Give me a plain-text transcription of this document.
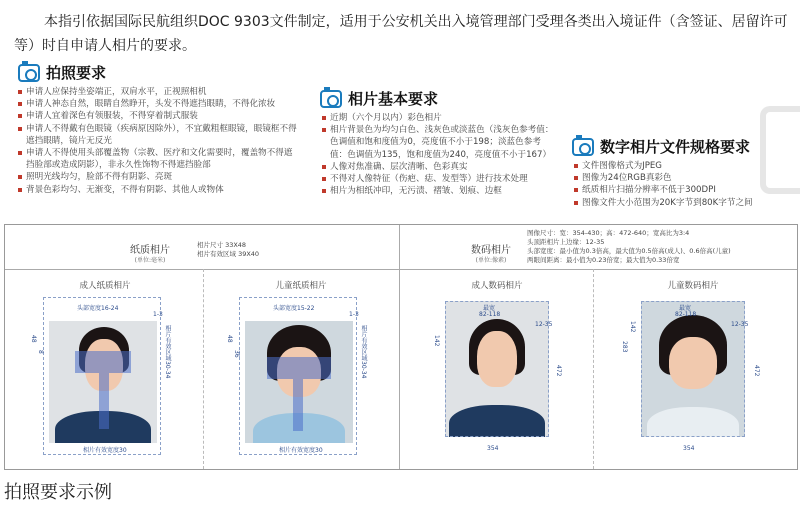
本指引依据国际民航组织DOC 9303文件制定，适用于公安机关出入境管理部门受理各类出入境证件（含签证、居留许可等）时自申请人相片的要求。

拍照要求
申请人应保持坐姿端正，双肩水平，正视照相机
申请人神态自然，眼睛自然睁开，头发不得遮挡眼睛，不得化浓妆
申请人宜着深色有领服装，不得穿着制式服装
申请人不得戴有色眼镜（疾病原因除外），不宜戴粗框眼镜，眼镜框不得遮挡眼睛，镜片无反光
申请人不得使用头部覆盖物（宗教、医疗和文化需要时，覆盖物不得遮挡脸部或造成阴影），非永久性饰物不得遮挡脸部
照明光线均匀，脸部不得有阴影、亮斑
背景色彩均匀、无渐变，不得有阴影、其他人或物体
相片基本要求
近期（六个月以内）彩色相片
相片背景色为均匀白色、浅灰色或淡蓝色（浅灰色参考值：色调值和饱和度值为0，亮度值不小于198；淡蓝色参考值：色调值为135，饱和度值为240，亮度值不小于167）
人像对焦准确、层次清晰、色彩真实
不得对人像特征（伤疤、痣、发型等）进行技术处理
相片为相纸冲印，无污渍、褶皱、划痕、边框
数字相片文件规格要求
文件图像格式为JPEG
图像为24位RGB真彩色
纸质相片扫描分辨率不低于300DPI
图像文件大小范围为20K字节到80K字节之间
纸质相片
(单位:毫米)
相片尺寸 33X48
相片有效区域 39X40	数码相片
(单位:像素)
图像尺寸：宽：354-430；高：472-640；宽高比为3:4
头顶距相片上边缘：12-35
头部宽度：最小值为0.3倍高，最大值为0.5倍高(成人)、0.6倍高(儿童)
两眼间距离：最小值为0.23倍宽；最大值为0.33倍宽
成人纸质相片	儿童纸质相片	成人数码相片	儿童数码相片
头部宽度16-24
48
8	相片有效区域30-34
1-3
相片有效宽度30
头部宽度15-22
48
36	相片有效区域30-34
1-3
相片有效宽度30
最宽
82-118
12-35
142
472
354
最宽
82-118
12-35
142
283
472
354
拍照要求示例
